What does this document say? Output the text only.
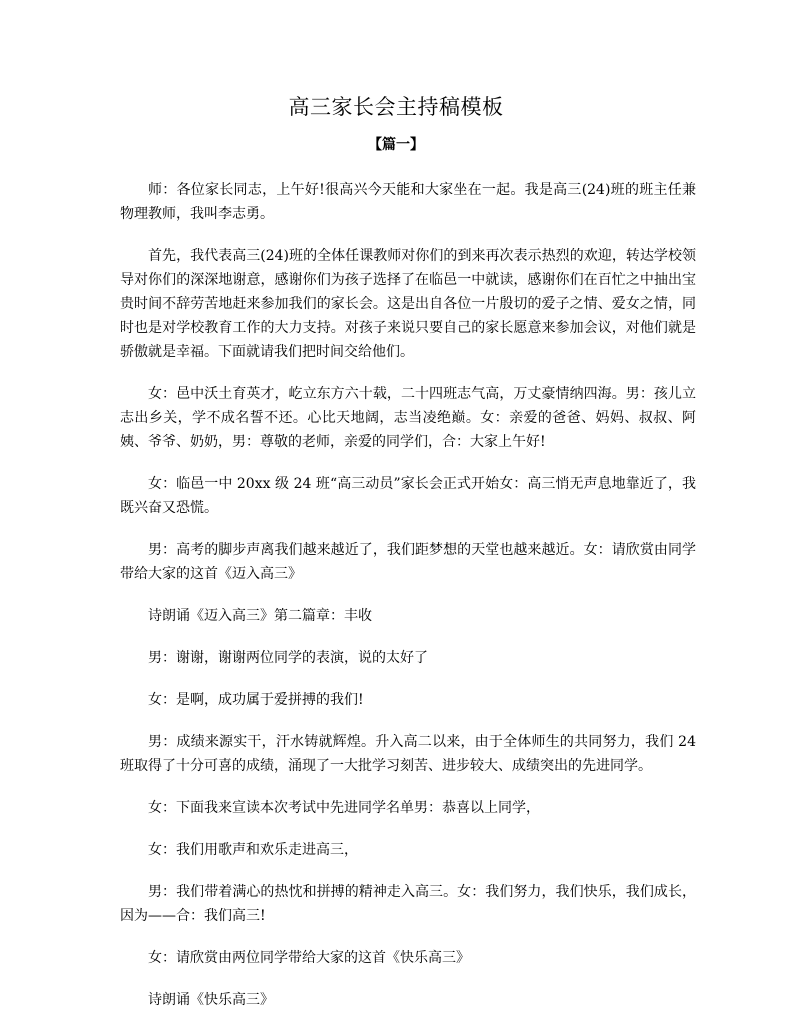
高三家长会主持稿模板
【篇一】

师：各位家长同志，上午好!很高兴今天能和大家坐在一起。我是高三(24)班的班主任兼物理教师，我叫李志勇。

首先，我代表高三(24)班的全体任课教师对你们的到来再次表示热烈的欢迎，转达学校领导对你们的深深地谢意，感谢你们为孩子选择了在临邑一中就读，感谢你们在百忙之中抽出宝贵时间不辞劳苦地赶来参加我们的家长会。这是出自各位一片殷切的爱子之情、爱女之情，同时也是对学校教育工作的大力支持。对孩子来说只要自己的家长愿意来参加会议，对他们就是骄傲就是幸福。下面就请我们把时间交给他们。

女：邑中沃土育英才，屹立东方六十载，二十四班志气高，万丈豪情纳四海。男：孩儿立志出乡关，学不成名誓不还。心比天地阔，志当凌绝巅。女：亲爱的爸爸、妈妈、叔叔、阿姨、爷爷、奶奶，男：尊敬的老师，亲爱的同学们，合：大家上午好!

女：临邑一中 20xx 级 24 班“高三动员”家长会正式开始女：高三悄无声息地靠近了，我既兴奋又恐慌。

男：高考的脚步声离我们越来越近了，我们距梦想的天堂也越来越近。女：请欣赏由同学带给大家的这首《迈入高三》

诗朗诵《迈入高三》第二篇章：丰收

男：谢谢，谢谢两位同学的表演，说的太好了

女：是啊，成功属于爱拼搏的我们!

男：成绩来源实干，汗水铸就辉煌。升入高二以来，由于全体师生的共同努力，我们 24 班取得了十分可喜的成绩，涌现了一大批学习刻苦、进步较大、成绩突出的先进同学。

女：下面我来宣读本次考试中先进同学名单男：恭喜以上同学，

女：我们用歌声和欢乐走进高三，

男：我们带着满心的热忱和拼搏的精神走入高三。女：我们努力，我们快乐，我们成长，因为——合：我们高三!

女：请欣赏由两位同学带给大家的这首《快乐高三》

诗朗诵《快乐高三》
